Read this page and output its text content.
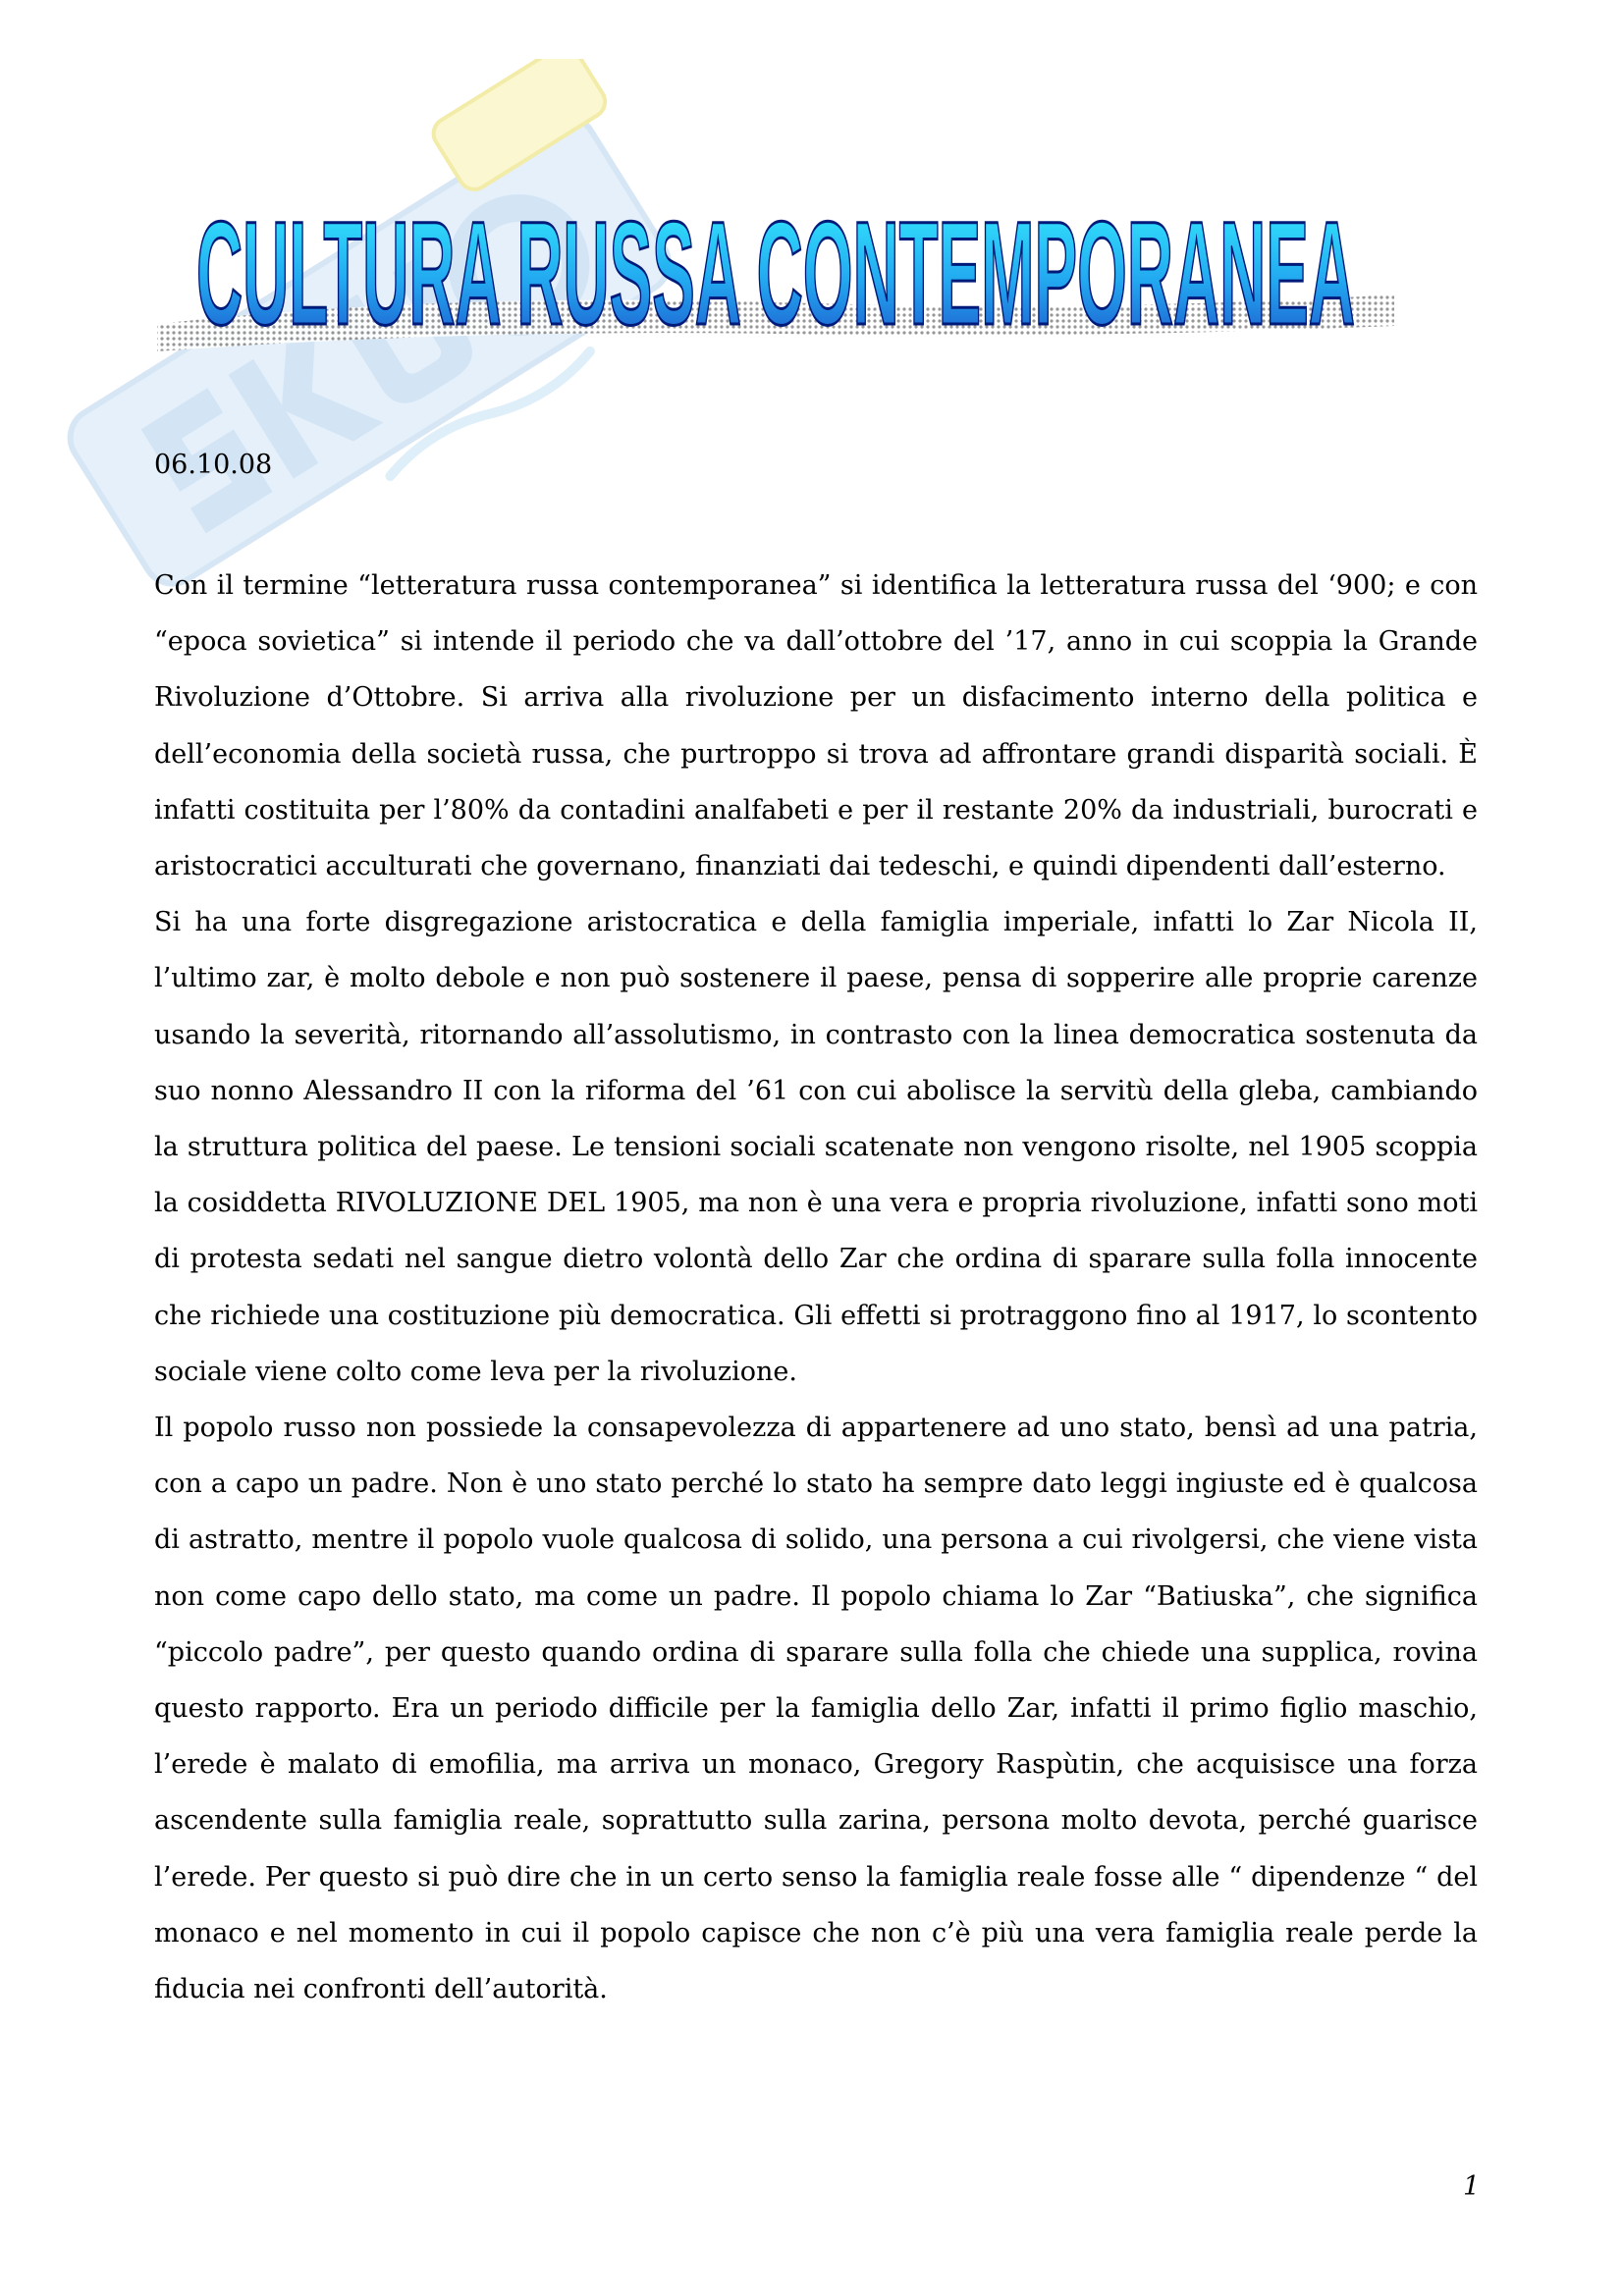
CULTURA RUSSA CONTEMPORANEA
06.10.08

Con il termine “letteratura russa contemporanea” si identifica la letteratura russa del ‘900; e con “epoca sovietica” si intende il periodo che va dall’ottobre del ’17, anno in cui scoppia la Grande Rivoluzione d’Ottobre. Si arriva alla rivoluzione per un disfacimento interno della politica e dell’economia della società russa, che purtroppo si trova ad affrontare grandi disparità sociali. È infatti costituita per l’80% da contadini analfabeti e per il restante 20% da industriali, burocrati e aristocratici acculturati che governano, finanziati dai tedeschi, e quindi dipendenti dall’esterno.

Si ha una forte disgregazione aristocratica e della famiglia imperiale, infatti lo Zar Nicola II, l’ultimo zar, è molto debole e non può sostenere il paese, pensa di sopperire alle proprie carenze usando la severità, ritornando all’assolutismo, in contrasto con la linea democratica sostenuta da suo nonno Alessandro II con la riforma del ’61 con cui abolisce la servitù della gleba, cambiando la struttura politica del paese. Le tensioni sociali scatenate non vengono risolte, nel 1905 scoppia la cosiddetta RIVOLUZIONE DEL 1905, ma non è una vera e propria rivoluzione, infatti sono moti di protesta sedati nel sangue dietro volontà dello Zar che ordina di sparare sulla folla innocente che richiede una costituzione più democratica. Gli effetti si protraggono fino al 1917, lo scontento sociale viene colto come leva per la rivoluzione.

Il popolo russo non possiede la consapevolezza di appartenere ad uno stato, bensì ad una patria, con a capo un padre. Non è uno stato perché lo stato ha sempre dato leggi ingiuste ed è qualcosa di astratto, mentre il popolo vuole qualcosa di solido, una persona a cui rivolgersi, che viene vista non come capo dello stato, ma come un padre. Il popolo chiama lo Zar “Batiuska”, che significa “piccolo padre”, per questo quando ordina di sparare sulla folla che chiede una supplica, rovina questo rapporto. Era un periodo difficile per la famiglia dello Zar, infatti il primo figlio maschio, l’erede è malato di emofilia, ma arriva un monaco, Gregory Raspùtin, che acquisisce una forza ascendente sulla famiglia reale, soprattutto sulla zarina, persona molto devota, perché guarisce l’erede. Per questo si può dire che in un certo senso la famiglia reale fosse alle “ dipendenze “ del monaco e nel momento in cui il popolo capisce che non c’è più una vera famiglia reale perde la fiducia nei confronti dell’autorità.

1
